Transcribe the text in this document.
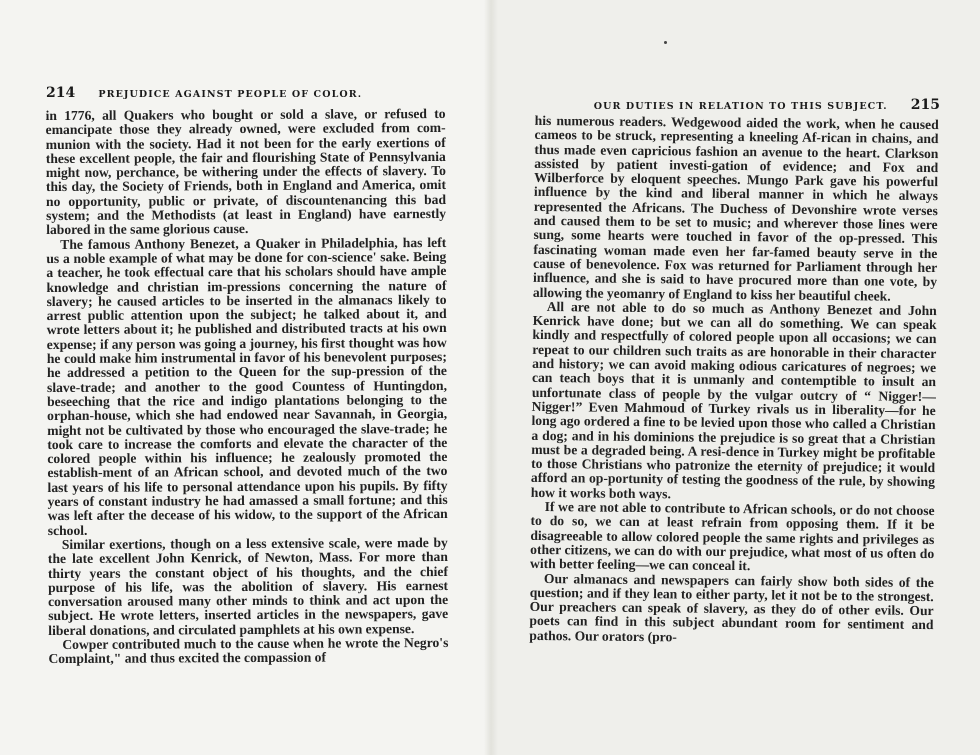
214 PREJUDICE AGAINST PEOPLE OF COLOR.
OUR DUTIES IN RELATION TO THIS SUBJECT. 215

in 1776, all Quakers who bought or sold a slave, or refused to emancipate those they already owned, were excluded from com-munion with the society. Had it not been for the early exertions of these excellent people, the fair and flourishing State of Pennsylvania might now, perchance, be withering under the effects of slavery. To this day, the Society of Friends, both in England and America, omit no opportunity, public or private, of discountenancing this bad system; and the Methodists (at least in England) have earnestly labored in the same glorious cause.

The famous Anthony Benezet, a Quaker in Philadelphia, has left us a noble example of what may be done for con-science' sake. Being a teacher, he took effectual care that his scholars should have ample knowledge and christian im-pressions concerning the nature of slavery; he caused articles to be inserted in the almanacs likely to arrest public attention upon the subject; he talked about it, and wrote letters about it; he published and distributed tracts at his own expense; if any person was going a journey, his first thought was how he could make him instrumental in favor of his benevolent purposes; he addressed a petition to the Queen for the sup-pression of the slave-trade; and another to the good Countess of Huntingdon, beseeching that the rice and indigo plantations belonging to the orphan-house, which she had endowed near Savannah, in Georgia, might not be cultivated by those who encouraged the slave-trade; he took care to increase the comforts and elevate the character of the colored people within his influence; he zealously promoted the establish-ment of an African school, and devoted much of the two last years of his life to personal attendance upon his pupils. By fifty years of constant industry he had amassed a small fortune; and this was left after the decease of his widow, to the support of the African school.

Similar exertions, though on a less extensive scale, were made by the late excellent John Kenrick, of Newton, Mass. For more than thirty years the constant object of his thoughts, and the chief purpose of his life, was the abolition of slavery. His earnest conversation aroused many other minds to think and act upon the subject. He wrote letters, inserted articles in the newspapers, gave liberal donations, and circulated pamphlets at his own expense.

Cowper contributed much to the cause when he wrote the Negro's Complaint," and thus excited the compassion of

his numerous readers. Wedgewood aided the work, when he caused cameos to be struck, representing a kneeling Af-rican in chains, and thus made even capricious fashion an avenue to the heart. Clarkson assisted by patient investi-gation of evidence; and Fox and Wilberforce by eloquent speeches. Mungo Park gave his powerful influence by the kind and liberal manner in which he always represented the Africans. The Duchess of Devonshire wrote verses and caused them to be set to music; and wherever those lines were sung, some hearts were touched in favor of the op-pressed. This fascinating woman made even her far-famed beauty serve in the cause of benevolence. Fox was returned for Parliament through her influence, and she is said to have procured more than one vote, by allowing the yeomanry of England to kiss her beautiful cheek.

All are not able to do so much as Anthony Benezet and John Kenrick have done; but we can all do something. We can speak kindly and respectfully of colored people upon all occasions; we can repeat to our children such traits as are honorable in their character and history; we can avoid making odious caricatures of negroes; we can teach boys that it is unmanly and contemptible to insult an unfortunate class of people by the vulgar outcry of “ Nigger!—Nigger!” Even Mahmoud of Turkey rivals us in liberality—for he long ago ordered a fine to be levied upon those who called a Christian a dog; and in his dominions the prejudice is so great that a Christian must be a degraded being. A resi-dence in Turkey might be profitable to those Christians who patronize the eternity of prejudice; it would afford an op-portunity of testing the goodness of the rule, by showing how it works both ways.

If we are not able to contribute to African schools, or do not choose to do so, we can at least refrain from opposing them. If it be disagreeable to allow colored people the same rights and privileges as other citizens, we can do with our prejudice, what most of us often do with better feeling—we can conceal it.

Our almanacs and newspapers can fairly show both sides of the question; and if they lean to either party, let it not be to the strongest. Our preachers can speak of slavery, as they do of other evils. Our poets can find in this subject abundant room for sentiment and pathos. Our orators (pro-
